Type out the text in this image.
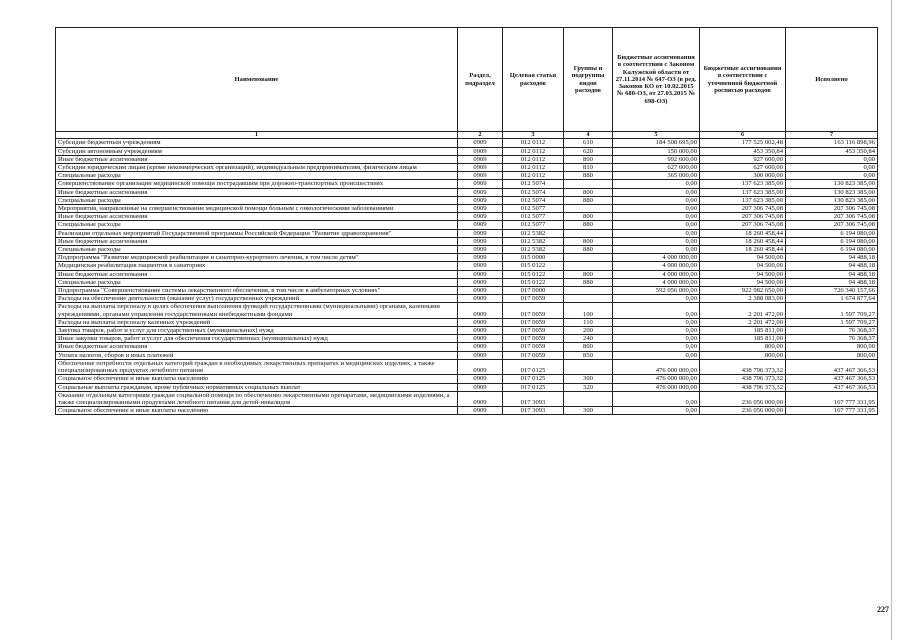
Наименование	Раздел, подраздел	Целевая статья расходов	Группы и подгруппы видов расходов	Бюджетные ассигнования в соответствии с Законом Калужской области от 27.11.2014 № 647-ОЗ (в ред. Законов КО от 10.02.2015 № 680-ОЗ, от 27.03.2015 № 698-ОЗ)	Бюджетные ассигнования в соответствии с уточненной бюджетной росписью расходов	Исполнено
1	2	3	4	5	6	7
Субсидии бюджетным учреждениям	0909	012 0112	610	184 508 695,00	177 525 002,48	163 116 898,96
Субсидии автономным учреждениям	0909	012 0112	620	150 000,00	453 350,84	453 350,84
Иные бюджетные ассигнования	0909	012 0112	800	992 600,00	927 600,00	0,00
Субсидии юридическим лицам (кроме некоммерческих организаций), индивидуальным предпринимателям, физическим лицам	0909	012 0112	810	627 600,00	627 600,00	0,00
Специальные расходы	0909	012 0112	880	365 000,00	300 000,00	0,00
Совершенствование организации медицинской помощи пострадавшим при дорожно-транспортных происшествиях	0909	012 5074		0,00	137 623 385,00	130 823 385,00
Иные бюджетные ассигнования	0909	012 5074	800	0,00	137 623 385,00	130 823 385,00
Специальные расходы	0909	012 5074	880	0,00	137 623 385,00	130 823 385,00
Мероприятия, направленные на совершенствование медицинской помощи больным с онкологическими заболеваниями	0909	012 5077		0,00	207 306 745,08	207 306 745,08
Иные бюджетные ассигнования	0909	012 5077	800	0,00	207 306 745,08	207 306 745,08
Специальные расходы	0909	012 5077	880	0,00	207 306 745,08	207 306 745,08
Реализация отдельных мероприятий Государственной программы Российской Федерации "Развитие здравоохранения"	0909	012 5382		0,00	18 260 458,44	6 194 080,00
Иные бюджетные ассигнования	0909	012 5382	800	0,00	18 260 458,44	6 194 080,00
Специальные расходы	0909	012 5382	880	0,00	18 260 458,44	6 194 080,00
Подпрограмма "Развитие медицинской реабилитации и санаторно-курортного лечения, в том числе детям"	0909	015 0000		4 000 000,00	94 500,00	94 488,18
Медицинская реабилитация пациентов в санаториях	0909	015 0122		4 000 000,00	94 500,00	94 488,18
Иные бюджетные ассигнования	0909	015 0122	800	4 000 000,00	94 500,00	94 488,18
Специальные расходы	0909	015 0122	880	4 000 000,00	94 500,00	94 488,18
Подпрограмма "Совершенствование системы лекарственного обеспечения, в том числе в амбулаторных условиях"	0909	017 0000		592 056 000,00	922 982 650,00	726 340 157,66
Расходы на обеспечение деятельности (оказание услуг) государственных учреждений	0909	017 0059		0,00	2 388 083,00	1 674 877,64
Расходы на выплаты персоналу в целях обеспечения выполнения функций государственными (муниципальными) органами, казенными учреждениями, органами управления государственными внебюджетными фондами	0909	017 0059	100	0,00	2 201 472,00	1 597 709,27
Расходы на выплаты персоналу казенных учреждений	0909	017 0059	110	0,00	2 201 472,00	1 597 709,27
Закупка товаров, работ и услуг для государственных (муниципальных) нужд	0909	017 0059	200	0,00	185 811,00	76 368,37
Иные закупки товаров, работ и услуг для обеспечения государственных (муниципальных) нужд	0909	017 0059	240	0,00	185 811,00	76 368,37
Иные бюджетные ассигнования	0909	017 0059	800	0,00	800,00	800,00
Уплата налогов, сборов и иных платежей	0909	017 0059	850	0,00	800,00	800,00
Обеспечение потребности отдельных категорий граждан в необходимых лекарственных препаратах и медицинских изделиях, а также специализированных продуктах лечебного питания	0909	017 0125		476 000 000,00	438 796 373,32	437 467 366,53
Социальное обеспечение и иные выплаты населению	0909	017 0125	300	476 000 000,00	438 796 373,32	437 467 366,53
Социальные выплаты гражданам, кроме публичных нормативных социальных выплат	0909	017 0125	320	476 000 000,00	438 796 373,32	437 467 366,53
Оказание отдельным категориям граждан социальной помощи по обеспечению лекарственными препаратами, медицинскими изделиями, а также специализированными продуктами лечебного питания для детей-инвалидов	0909	017 3093		0,00	236 056 000,00	167 777 331,95
Социальное обеспечение и иные выплаты населению	0909	017 3093	300	0,00	236 056 000,00	167 777 331,95
227
